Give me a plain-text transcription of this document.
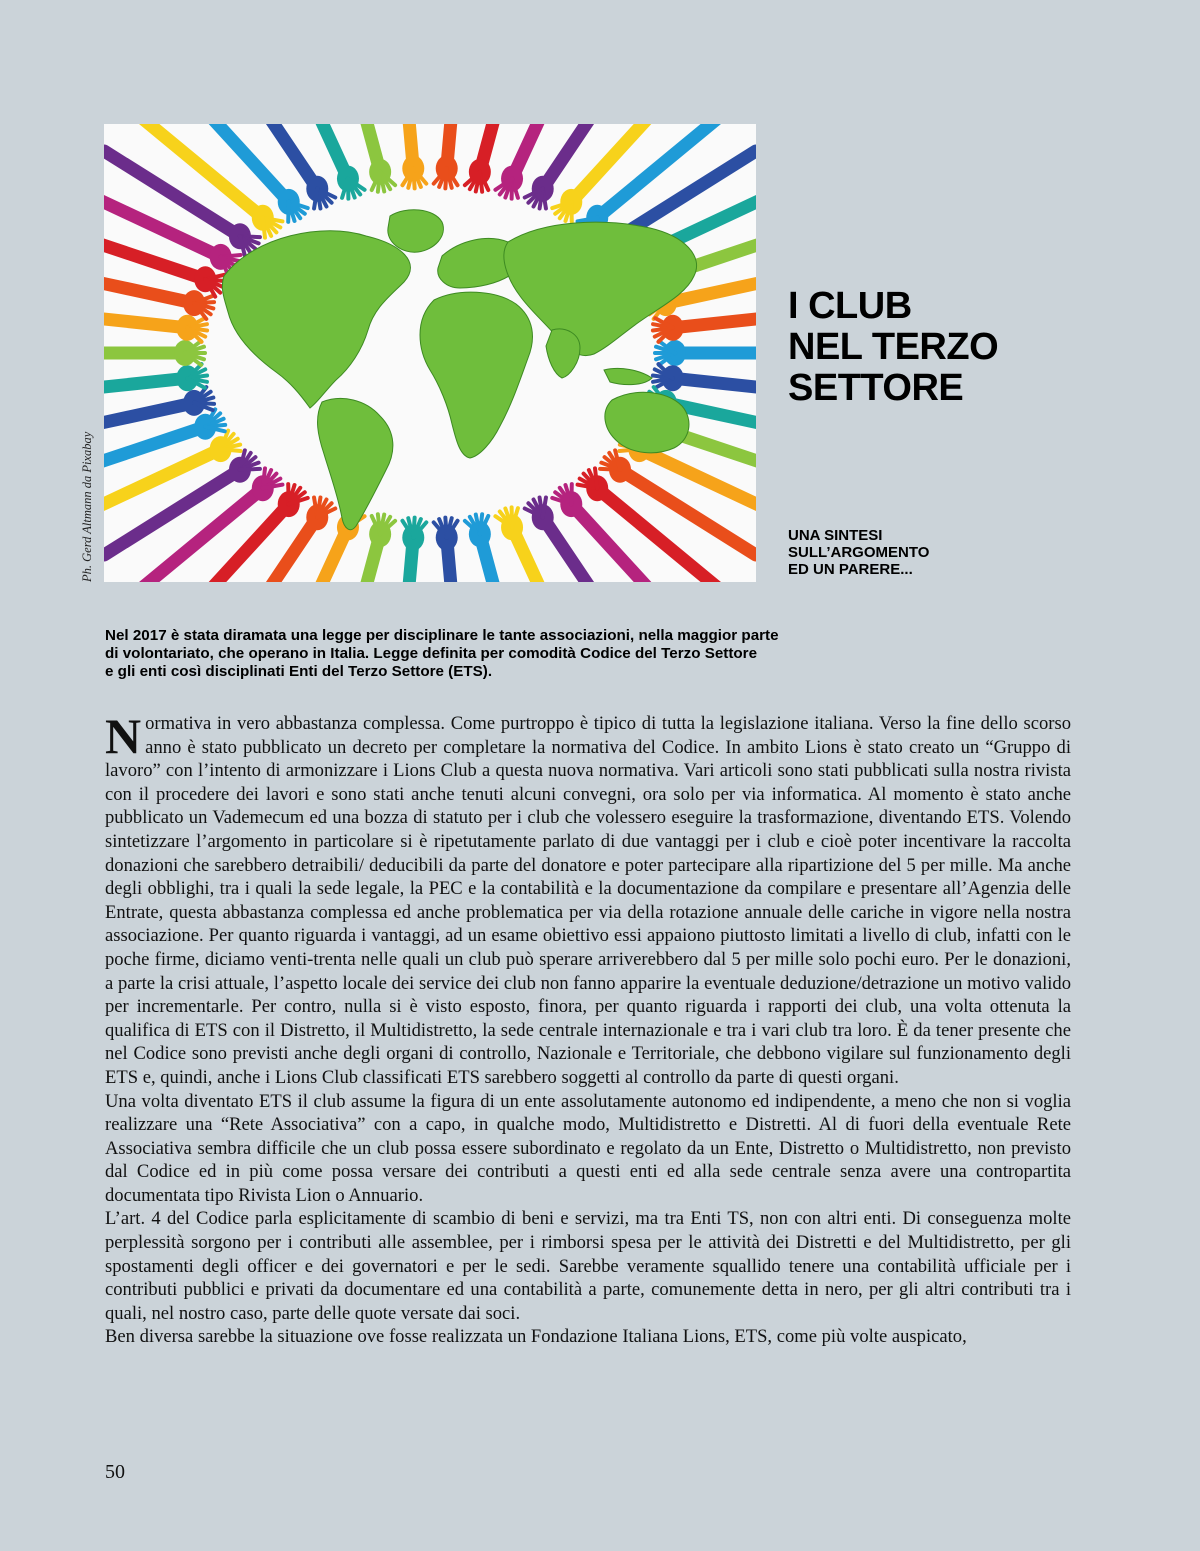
Ph. Gerd Altmann da Pixabay
I CLUB
NEL TERZO
SETTORE

UNA SINTESI
SULL’ARGOMENTO
ED UN PARERE...

Nel 2017 è stata diramata una legge per disciplinare le tante associazioni, nella maggior parte
di volontariato, che operano in Italia. Legge definita per comodità Codice del Terzo Settore
e gli enti così disciplinati Enti del Terzo Settore (ETS).

Normativa in vero abbastanza complessa. Come purtroppo è tipico di tutta la legislazione italiana. Verso la fine dello scorso anno è stato pubblicato un decreto per completare la normativa del Codice. In ambito Lions è stato creato un “Gruppo di lavoro” con l’intento di armonizzare i Lions Club a questa nuova normativa. Vari articoli sono stati pubblicati sulla nostra rivista con il procedere dei lavori e sono stati anche tenuti alcuni convegni, ora solo per via informatica. Al momento è stato anche pubblicato un Vademecum ed una bozza di statuto per i club che volessero eseguire la trasformazione, diventando ETS. Volendo sintetizzare l’argomento in particolare si è ripetutamente parlato di due vantaggi per i club e cioè poter incentivare la raccolta donazioni che sarebbero detraibili/ deducibili da parte del donatore e poter partecipare alla ripartizione del 5 per mille. Ma anche degli obblighi, tra i quali la sede legale, la PEC e la contabilità e la documentazione da compilare e presentare all’Agenzia delle Entrate, questa abbastanza complessa ed anche problematica per via della rotazione annuale delle cariche in vigore nella nostra associazione. Per quanto riguarda i vantaggi, ad un esame obiettivo essi appaiono piuttosto limitati a livello di club, infatti con le poche firme, diciamo venti-trenta nelle quali un club può sperare arriverebbero dal 5 per mille solo pochi euro. Per le donazioni, a parte la crisi attuale, l’aspetto locale dei service dei club non fanno apparire la eventuale deduzione/detrazione un motivo valido per incrementarle. Per contro, nulla si è visto esposto, finora, per quanto riguarda i rapporti dei club, una volta ottenuta la qualifica di ETS con il Distretto, il Multidistretto, la sede centrale internazionale e tra i vari club tra loro. È da tener presente che nel Codice sono previsti anche degli organi di controllo, Nazionale e Territoriale, che debbono vigilare sul funzionamento degli ETS e, quindi, anche i Lions Club classificati ETS sarebbero soggetti al controllo da parte di questi organi.

Una volta diventato ETS il club assume la figura di un ente assolutamente autonomo ed indipendente, a meno che non si voglia realizzare una “Rete Associativa” con a capo, in qualche modo, Multidistretto e Distretti. Al di fuori della eventuale Rete Associativa sembra difficile che un club possa essere subordinato e regolato da un Ente, Distretto o Multidistretto, non previsto dal Codice ed in più come possa versare dei contributi a questi enti ed alla sede centrale senza avere una contropartita documentata tipo Rivista Lion o Annuario.

L’art. 4 del Codice parla esplicitamente di scambio di beni e servizi, ma tra Enti TS, non con altri enti. Di conseguenza molte perplessità sorgono per i contributi alle assemblee, per i rimborsi spesa per le attività dei Distretti e del Multidistretto, per gli spostamenti degli officer e dei governatori e per le sedi. Sarebbe veramente squallido tenere una contabilità ufficiale per i contributi pubblici e privati da documentare ed una contabilità a parte, comunemente detta in nero, per gli altri contributi tra i quali, nel nostro caso, parte delle quote versate dai soci.

Ben diversa sarebbe la situazione ove fosse realizzata un Fondazione Italiana Lions, ETS, come più volte auspicato,

50
